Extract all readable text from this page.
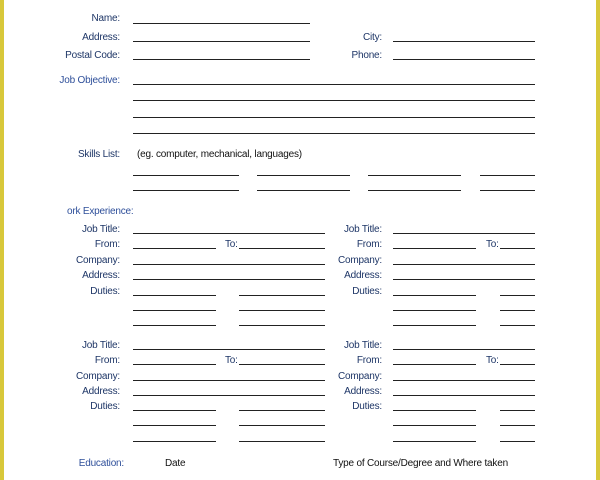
Name:
Address:
Postal Code:
City:
Phone:
Job Objective:
Skills List: (eg. computer, mechanical, languages)
ork Experience:
Job Title:
From:	To:
Company:
Address:
Duties:
Job Title:
From:	To:
Company:
Address:
Duties:
Job Title:
From:	To:
Company:
Address:
Duties:
Job Title:
From:	To:
Company:
Address:
Duties:
Education:	Date	Type of Course/Degree and Where taken
